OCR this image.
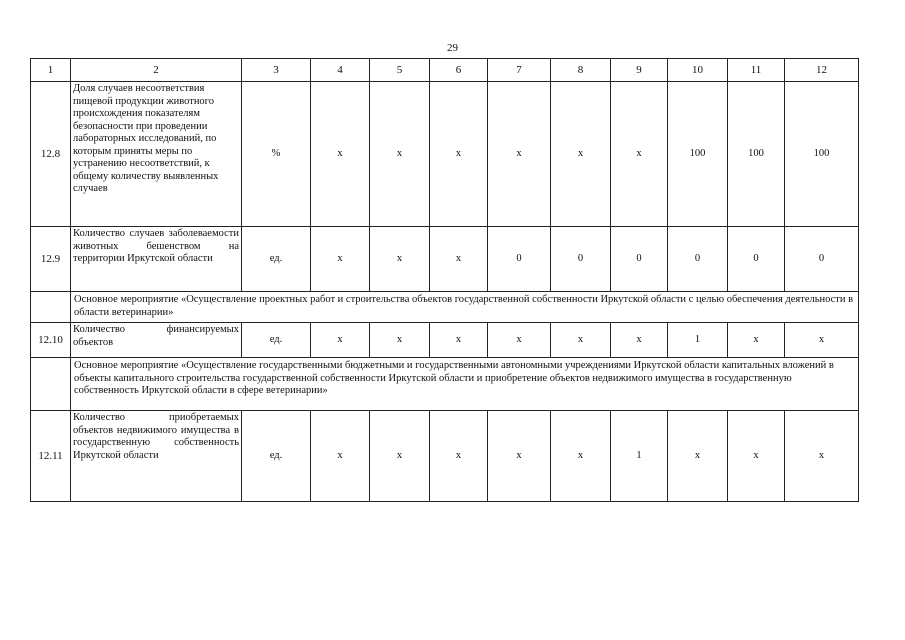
29
1	2	3	4	5	6	7	8	9	10	11	12
12.8	Доля случаев несоответствия пищевой продукции животного происхождения показателям безопасности при проведении лабораторных исследований, по которым приняты меры по устранению несоответствий, к общему количеству выявленных случаев	%	x	x	x	x	x	x	100	100	100
12.9	Количество случаев заболеваемости животных бешенством на территории Иркутской области	ед.	x	x	x	0	0	0	0	0	0
	Основное мероприятие «Осуществление проектных работ и строительства объектов государственной собственности Иркутской области с целью обеспечения деятельности в области ветеринарии»										
12.10	Количество финансируемых объектов	ед.	x	x	x	x	x	x	1	x	x
	Основное мероприятие «Осуществление государственными бюджетными и государственными автономными учреждениями Иркутской области капитальных вложений в объекты капитального строительства государственной собственности Иркутской области и приобретение объектов недвижимого имущества в государственную собственность Иркутской области в сфере ветеринарии»										
12.11	Количество приобретаемых объектов недвижимого имущества в государственную собственность Иркутской области	ед.	x	x	x	x	x	1	x	x	x
